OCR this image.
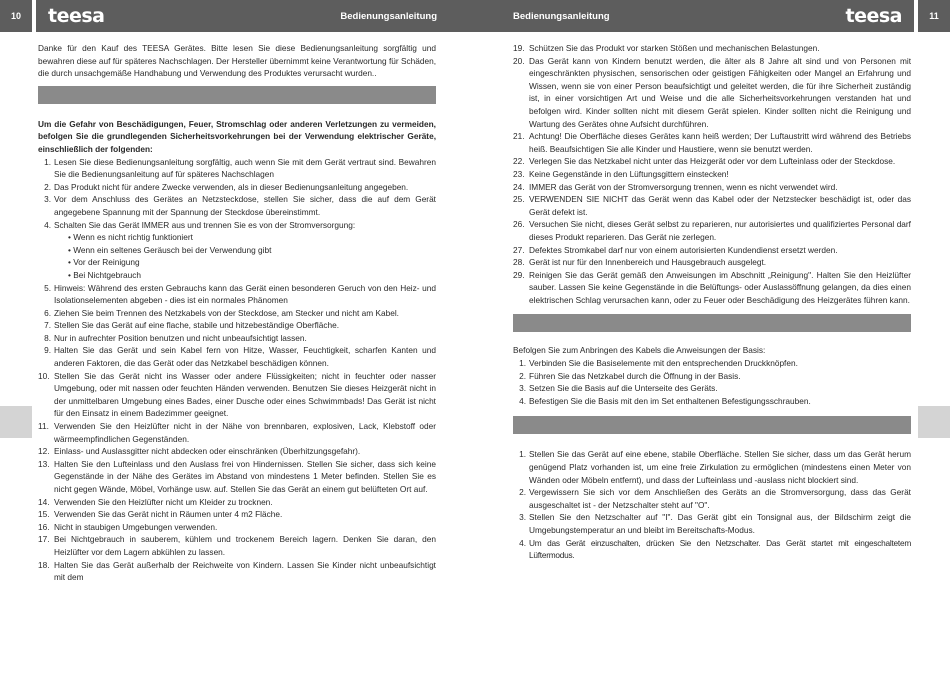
10	teesa	Bedienungsanleitung	Bedienungsanleitung	teesa	11

Danke für den Kauf des TEESA Gerätes. Bitte lesen Sie diese Bedienungsanleitung sorgfältig und bewahren diese auf für späteres Nachschlagen. Der Hersteller übernimmt keine Verantwortung für Schäden, die durch unsachgemäße Handhabung und Verwendung des Produktes verursacht wurden..

Um die Gefahr von Beschädigungen, Feuer, Stromschlag oder anderen Verletzungen zu vermeiden, befolgen Sie die grundlegenden Sicherheitsvorkehrungen bei der Verwendung elektrischer Geräte, einschließlich der folgenden:

1. Lesen Sie diese Bedienungsanleitung sorgfältig, auch wenn Sie mit dem Gerät vertraut sind. Bewahren Sie die Bedienungsanleitung auf für späteres Nachschlagen
2. Das Produkt nicht für andere Zwecke verwenden, als in dieser Bedienungsanleitung angegeben.
3. Vor dem Anschluss des Gerätes an Netzsteckdose, stellen Sie sicher, dass die auf dem Gerät angegebene Spannung mit der Spannung der Steckdose übereinstimmt.
4. Schalten Sie das Gerät IMMER aus und trennen Sie es von der Stromversorgung:
• Wenn es nicht richtig funktioniert
• Wenn ein seltenes Geräusch bei der Verwendung gibt
• Vor der Reinigung
• Bei Nichtgebrauch
5. Hinweis: Während des ersten Gebrauchs kann das Gerät einen besonderen Geruch von den Heiz- und Isolationselementen abgeben - dies ist ein normales Phänomen
6. Ziehen Sie beim Trennen des Netzkabels von der Steckdose, am Stecker und nicht am Kabel.
7. Stellen Sie das Gerät auf eine flache, stabile und hitzebeständige Oberfläche.
8. Nur in aufrechter Position benutzen und nicht unbeaufsichtigt lassen.
9. Halten Sie das Gerät und sein Kabel fern von Hitze, Wasser, Feuchtigkeit, scharfen Kanten und anderen Faktoren, die das Gerät oder das Netzkabel beschädigen können.
10. Stellen Sie das Gerät nicht ins Wasser oder andere Flüssigkeiten; nicht in feuchter oder nasser Umgebung, oder mit nassen oder feuchten Händen verwenden. Benutzen Sie dieses Heizgerät nicht in der unmittelbaren Umgebung eines Bades, einer Dusche oder eines Schwimmbads! Das Gerät ist nicht für den Einsatz in einem Badezimmer geeignet.
11. Verwenden Sie den Heizlüfter nicht in der Nähe von brennbaren, explosiven, Lack, Klebstoff oder wärmeempfindlichen Gegenständen.
12. Einlass- und Auslassgitter nicht abdecken oder einschränken (Überhitzungsgefahr).
13. Halten Sie den Lufteinlass und den Auslass frei von Hindernissen. Stellen Sie sicher, dass sich keine Gegenstände in der Nähe des Gerätes im Abstand von mindestens 1 Meter befinden. Stellen Sie es nicht gegen Wände, Möbel, Vorhänge usw. auf. Stellen Sie das Gerät an einem gut belüfteten Ort auf.
14. Verwenden Sie den Heizlüfter nicht um Kleider zu trocknen.
15. Verwenden Sie das Gerät nicht in Räumen unter 4 m2 Fläche.
16. Nicht in staubigen Umgebungen verwenden.
17. Bei Nichtgebrauch in sauberem, kühlem und trockenem Bereich lagern. Denken Sie daran, den Heizlüfter vor dem Lagern abkühlen zu lassen.
18. Halten Sie das Gerät außerhalb der Reichweite von Kindern. Lassen Sie Kinder nicht unbeaufsichtigt mit dem
19. Schützen Sie das Produkt vor starken Stößen und mechanischen Belastungen.
20. Das Gerät kann von Kindern benutzt werden, die älter als 8 Jahre alt sind und von Personen mit eingeschränkten physischen, sensorischen oder geistigen Fähigkeiten oder Mangel an Erfahrung und Wissen, wenn sie von einer Person beaufsichtigt und geleitet werden, die für ihre Sicherheit zuständig ist, in einer vorsichtigen Art und Weise und die alle Sicherheitsvorkehrungen verstanden hat und befolgen wird. Kinder sollten nicht mit diesem Gerät spielen. Kinder sollten nicht die Reinigung und Wartung des Gerätes ohne Aufsicht durchführen.
21. Achtung! Die Oberfläche dieses Gerätes kann heiß werden; Der Luftaustritt wird während des Betriebs heiß. Beaufsichtigen Sie alle Kinder und Haustiere, wenn sie benutzt werden.
22. Verlegen Sie das Netzkabel nicht unter das Heizgerät oder vor dem Lufteinlass oder der Steckdose.
23. Keine Gegenstände in den Lüftungsgittern einstecken!
24. IMMER das Gerät von der Stromversorgung trennen, wenn es nicht verwendet wird.
25. VERWENDEN SIE NICHT das Gerät wenn das Kabel oder der Netzstecker beschädigt ist, oder das Gerät defekt ist.
26. Versuchen Sie nicht, dieses Gerät selbst zu reparieren, nur autorisiertes und qualifiziertes Personal darf dieses Produkt reparieren. Das Gerät nie zerlegen.
27. Defektes Stromkabel darf nur von einem autorisierten Kundendienst ersetzt werden.
28. Gerät ist nur für den Innenbereich und Hausgebrauch ausgelegt.
29. Reinigen Sie das Gerät gemäß den Anweisungen im Abschnitt „Reinigung". Halten Sie den Heizlüfter sauber. Lassen Sie keine Gegenstände in die Belüftungs- oder Auslassöffnung gelangen, da dies einen elektrischen Schlag verursachen kann, oder zu Feuer oder Beschädigung des Heizgerätes führen kann.

Befolgen Sie zum Anbringen des Kabels die Anweisungen der Basis:

1. Verbinden Sie die Basiselemente mit den entsprechenden Druckknöpfen.
2. Führen Sie das Netzkabel durch die Öffnung in der Basis.
3. Setzen Sie die Basis auf die Unterseite des Geräts.
4. Befestigen Sie die Basis mit den im Set enthaltenen Befestigungsschrauben.
1. Stellen Sie das Gerät auf eine ebene, stabile Oberfläche. Stellen Sie sicher, dass um das Gerät herum genügend Platz vorhanden ist, um eine freie Zirkulation zu ermöglichen (mindestens einen Meter von Wänden oder Möbeln entfernt), und dass der Lufteinlass und -auslass nicht blockiert sind.
2. Vergewissern Sie sich vor dem Anschließen des Geräts an die Stromversorgung, dass das Gerät ausgeschaltet ist - der Netzschalter steht auf "O".
3. Stellen Sie den Netzschalter auf "I". Das Gerät gibt ein Tonsignal aus, der Bildschirm zeigt die Umgebungstemperatur an und bleibt im Bereitschafts-Modus.
4. Um das Gerät einzuschalten, drücken Sie den Netzschalter. Das Gerät startet mit eingeschaltetem Lüftermodus.
